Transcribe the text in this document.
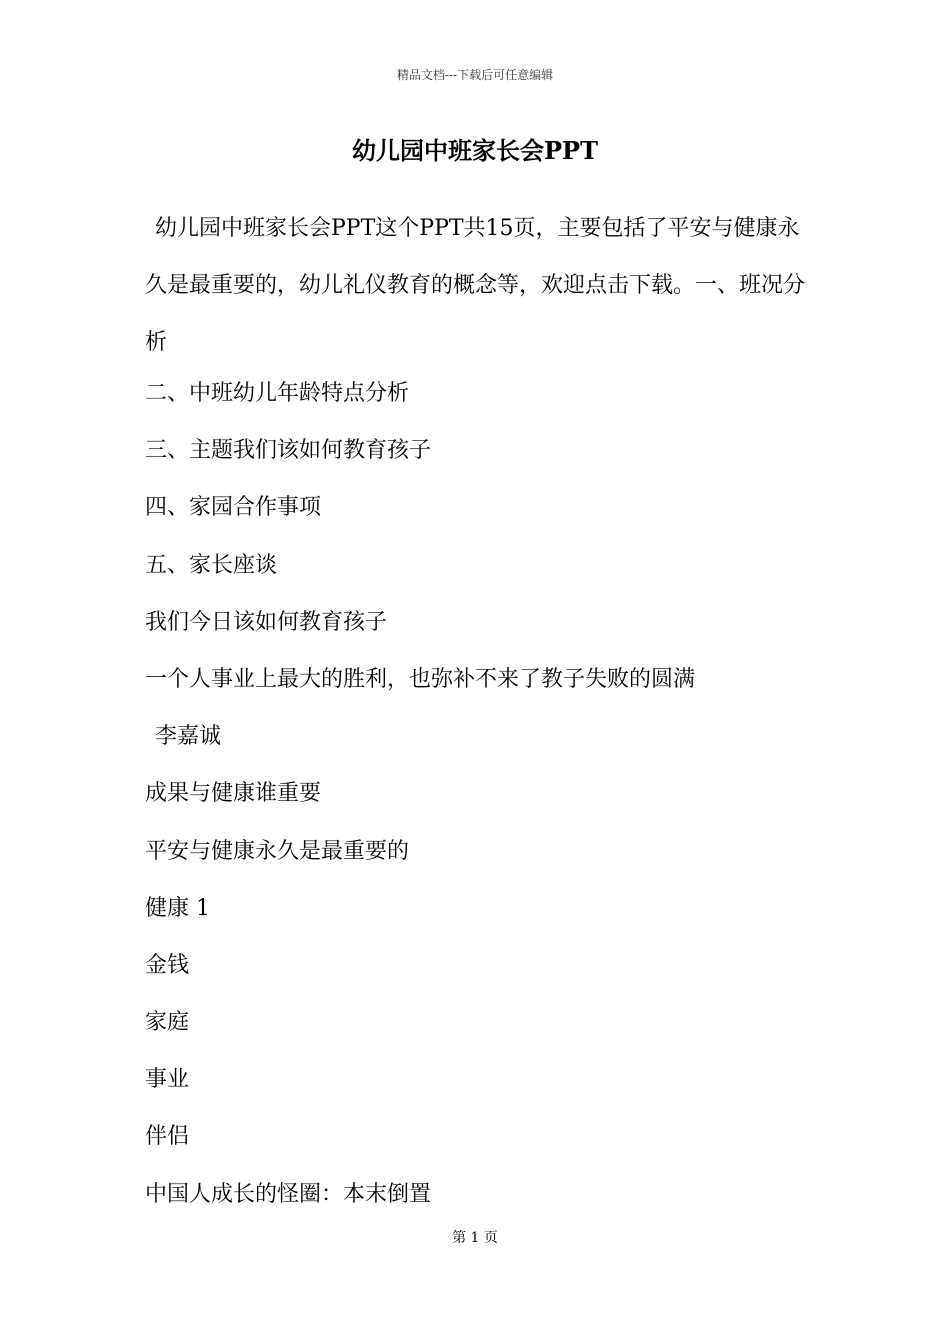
精品文档---下载后可任意编辑
幼儿园中班家长会PPT

幼儿园中班家长会PPT这个PPT共15页，主要包括了平安与健康永久是最重要的，幼儿礼仪教育的概念等，欢迎点击下载。一、班况分析

二、中班幼儿年龄特点分析
三、主题我们该如何教育孩子
四、家园合作事项
五、家长座谈
我们今日该如何教育孩子
一个人事业上最大的胜利，也弥补不来了教子失败的圆满
李嘉诚
成果与健康谁重要
平安与健康永久是最重要的
健康 1
金钱
家庭
事业
伴侣
中国人成长的怪圈：本末倒置
第 1 页
